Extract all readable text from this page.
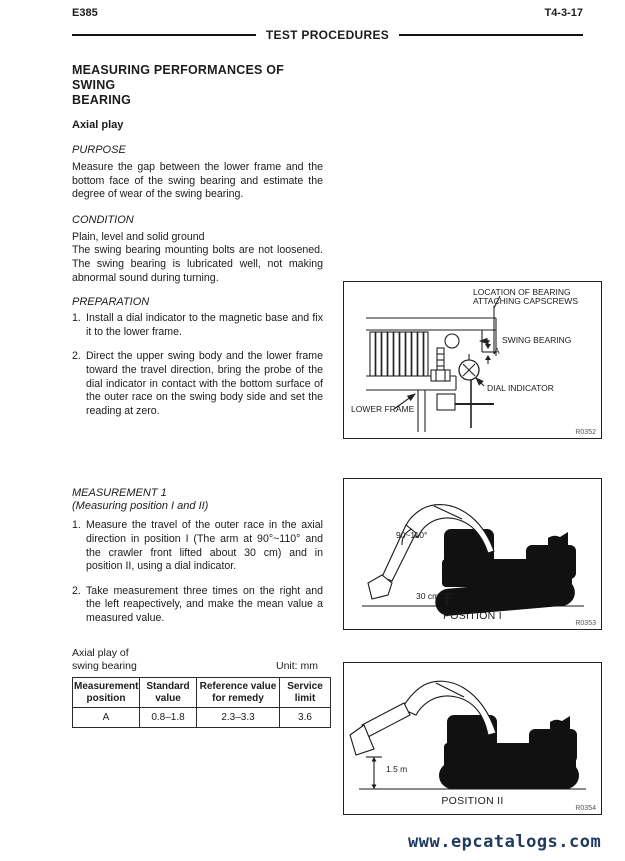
E385	T4-3-17
TEST PROCEDURES
MEASURING PERFORMANCES OF SWING
BEARING
Axial play
PURPOSE
Measure the gap between the lower frame and the bottom face of the swing bearing and estimate the degree of wear of the swing bearing.
CONDITION
Plain, level and solid ground
The swing bearing mounting bolts are not loosened. The swing bearing is lubricated well, not making abnormal sound during turning.
PREPARATION
1. Install a dial indicator to the magnetic base and fix it to the lower frame.
2. Direct the upper swing body and the lower frame toward the travel direction, bring the probe of the dial indicator in contact with the bottom surface of the outer race on the swing body side and set the reading at zero.
MEASUREMENT 1
(Measuring position I and II)
1. Measure the travel of the outer race in the axial direction in position I (The arm at 90°~110° and the crawler front lifted about 30 cm) and in position II, using a dial indicator.
2. Take measurement three times on the right and the left reapectively, and make the mean value a measured value.
Axial play of
swing bearing	Unit: mm
Measurement position	Standard value	Reference value for remedy	Service limit
A	0.8–1.8	2.3–3.3	3.6
LOCATION OF BEARING
ATTACHING CAPSCREWS
SWING BEARING
A
DIAL INDICATOR
LOWER FRAME
R0352
90~110°
30 cm
POSITION I
R0353
1.5 m
POSITION II
R0354
www.epcatalogs.com
